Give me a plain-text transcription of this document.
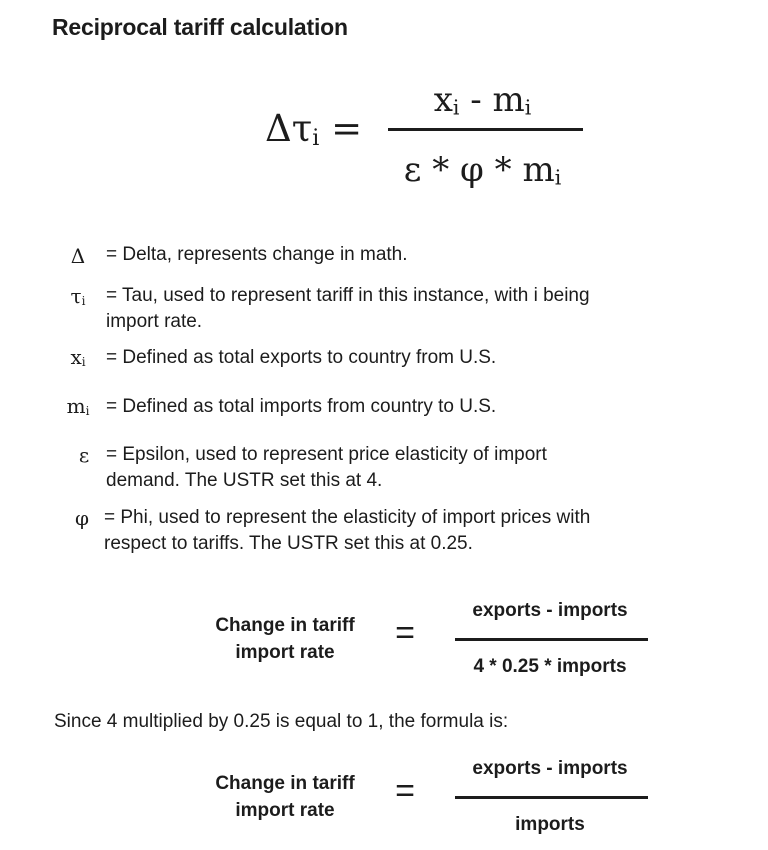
Reciprocal tariff calculation
Δτi =
xi - mi
ε * φ * mi
Δ	= Delta, represents change in math.
τi	= Tau, used to represent tariff in this instance, with i being
import rate.
xi	= Defined as total exports to country from U.S.
mi = Defined as total imports from country to U.S.
ε = Epsilon, used to represent price elasticity of import
demand. The USTR set this at 4.
φ = Phi, used to represent the elasticity of import prices with
respect to tariffs. The USTR set this at 0.25.
Change in tariff
import rate
=
exports - imports
4 * 0.25 * imports
Since 4 multiplied by 0.25 is equal to 1, the formula is:
Change in tariff
import rate
=
exports - imports
imports
